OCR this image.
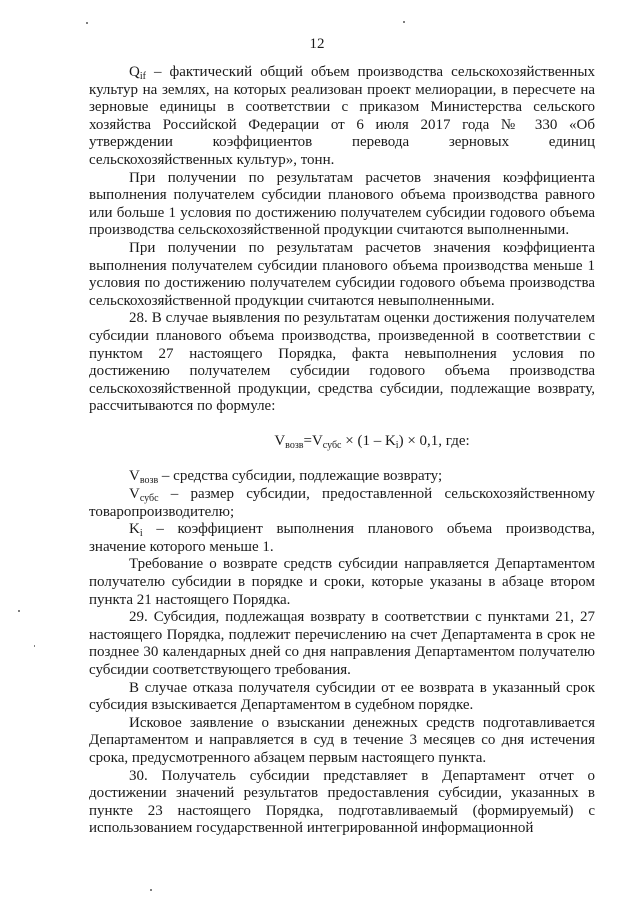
12

$Q_{if}$ – фактический общий объем производства сельскохозяйственных культур на землях, на которых реализован проект мелиорации, в пересчете на зерновые единицы в соответствии с приказом Министерства сельского хозяйства Российской Федерации от 6 июля 2017 года № 330 «Об утверждении коэффициентов перевода зерновых единиц сельскохозяйственных культур», тонн.

При получении по результатам расчетов значения коэффициента выполнения получателем субсидии планового объема производства равного или больше 1 условия по достижению получателем субсидии годового объема производства сельскохозяйственной продукции считаются выполненными.

При получении по результатам расчетов значения коэффициента выполнения получателем субсидии планового объема производства меньше 1 условия по достижению получателем субсидии годового объема производства сельскохозяйственной продукции считаются невыполненными.

28. В случае выявления по результатам оценки достижения получателем субсидии планового объема производства, произведенной в соответствии с пунктом 27 настоящего Порядка, факта невыполнения условия по достижению получателем субсидии годового объема производства сельскохозяйственной продукции, средства субсидии, подлежащие возврату, рассчитываются по формуле:

$V_{возв}=V_{субс} \times (1 - K_i) \times 0,1$, где:

$V_{возв}$ – средства субсидии, подлежащие возврату;

$V_{субс}$ – размер субсидии, предоставленной сельскохозяйственному товаропроизводителю;

$K_i$ – коэффициент выполнения планового объема производства, значение которого меньше 1.

Требование о возврате средств субсидии направляется Департаментом получателю субсидии в порядке и сроки, которые указаны в абзаце втором пункта 21 настоящего Порядка.

29. Субсидия, подлежащая возврату в соответствии с пунктами 21, 27 настоящего Порядка, подлежит перечислению на счет Департамента в срок не позднее 30 календарных дней со дня направления Департаментом получателю субсидии соответствующего требования.

В случае отказа получателя субсидии от ее возврата в указанный срок субсидия взыскивается Департаментом в судебном порядке.

Исковое заявление о взыскании денежных средств подготавливается Департаментом и направляется в суд в течение 3 месяцев со дня истечения срока, предусмотренного абзацем первым настоящего пункта.

30. Получатель субсидии представляет в Департамент отчет о достижении значений результатов предоставления субсидии, указанных в пункте 23 настоящего Порядка, подготавливаемый (формируемый) с использованием государственной интегрированной информационной
